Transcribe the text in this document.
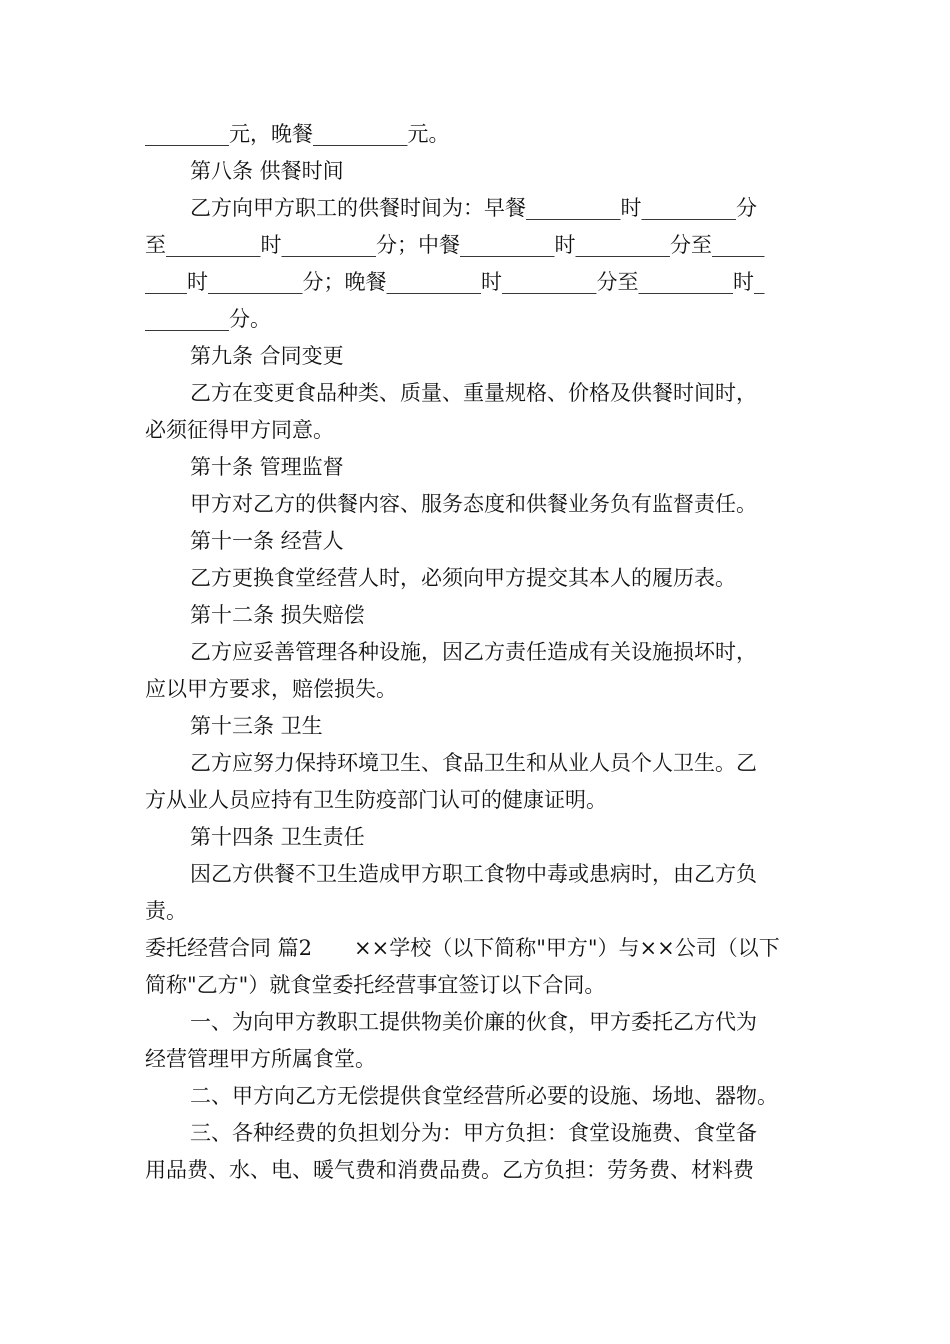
________元，晚餐_________元。
第八条 供餐时间
乙方向甲方职工的供餐时间为：早餐_________时_________分
至_________时_________分；中餐_________时_________分至_____
____时_________分；晚餐_________时_________分至_________时_
________分。
第九条 合同变更
乙方在变更食品种类、质量、重量规格、价格及供餐时间时，
必须征得甲方同意。
第十条 管理监督
甲方对乙方的供餐内容、服务态度和供餐业务负有监督责任。
第十一条 经营人
乙方更换食堂经营人时，必须向甲方提交其本人的履历表。
第十二条 损失赔偿
乙方应妥善管理各种设施，因乙方责任造成有关设施损坏时，
应以甲方要求，赔偿损失。
第十三条 卫生
乙方应努力保持环境卫生、食品卫生和从业人员个人卫生。乙
方从业人员应持有卫生防疫部门认可的健康证明。
第十四条 卫生责任
因乙方供餐不卫生造成甲方职工食物中毒或患病时，由乙方负
责。
委托经营合同 篇2　　××学校（以下简称"甲方"）与××公司（以下
简称"乙方"）就食堂委托经营事宜签订以下合同。
一、为向甲方教职工提供物美价廉的伙食，甲方委托乙方代为
经营管理甲方所属食堂。
二、甲方向乙方无偿提供食堂经营所必要的设施、场地、器物。
三、各种经费的负担划分为：甲方负担：食堂设施费、食堂备
用品费、水、电、暖气费和消费品费。乙方负担：劳务费、材料费
